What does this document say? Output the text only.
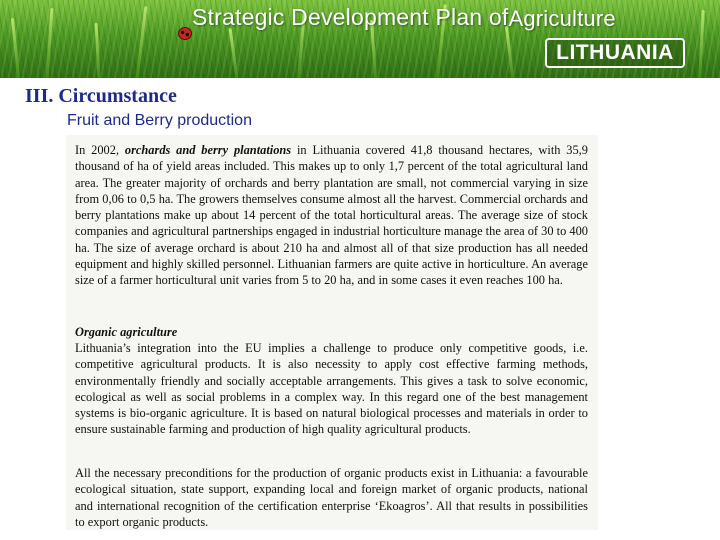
Strategic Development Plan ofAgriculture
LITHUANIA
III. Circumstance
Fruit and Berry production

In 2002, orchards and berry plantations in Lithuania covered 41,8 thousand hectares, with 35,9 thousand of ha of yield areas included. This makes up to only 1,7 percent of the total agricultural land area. The greater majority of orchards and berry plantation are small, not commercial varying in size from 0,06 to 0,5 ha. The growers themselves consume almost all the harvest. Commercial orchards and berry plantations make up about 14 percent of the total horticultural areas. The average size of stock companies and agricultural partnerships engaged in industrial horticulture manage the area of 30 to 400 ha. The size of average orchard is about 210 ha and almost all of that size production has all needed equipment and highly skilled personnel. Lithuanian farmers are quite active in horticulture. An average size of a farmer horticultural unit varies from 5 to 20 ha, and in some cases it even reaches 100 ha.

Organic agriculture

Lithuania’s integration into the EU implies a challenge to produce only competitive goods, i.e. competitive agricultural products. It is also necessity to apply cost effective farming methods, environmentally friendly and socially acceptable arrangements. This gives a task to solve economic, ecological as well as social problems in a complex way. In this regard one of the best management systems is bio-organic agriculture. It is based on natural biological processes and materials in order to ensure sustainable farming and production of high quality agricultural products.

All the necessary preconditions for the production of organic products exist in Lithuania: a favourable ecological situation, state support, expanding local and foreign market of organic products, national and international recognition of the certification enterprise ‘Ekoagros’. All that results in possibilities to export organic products.
